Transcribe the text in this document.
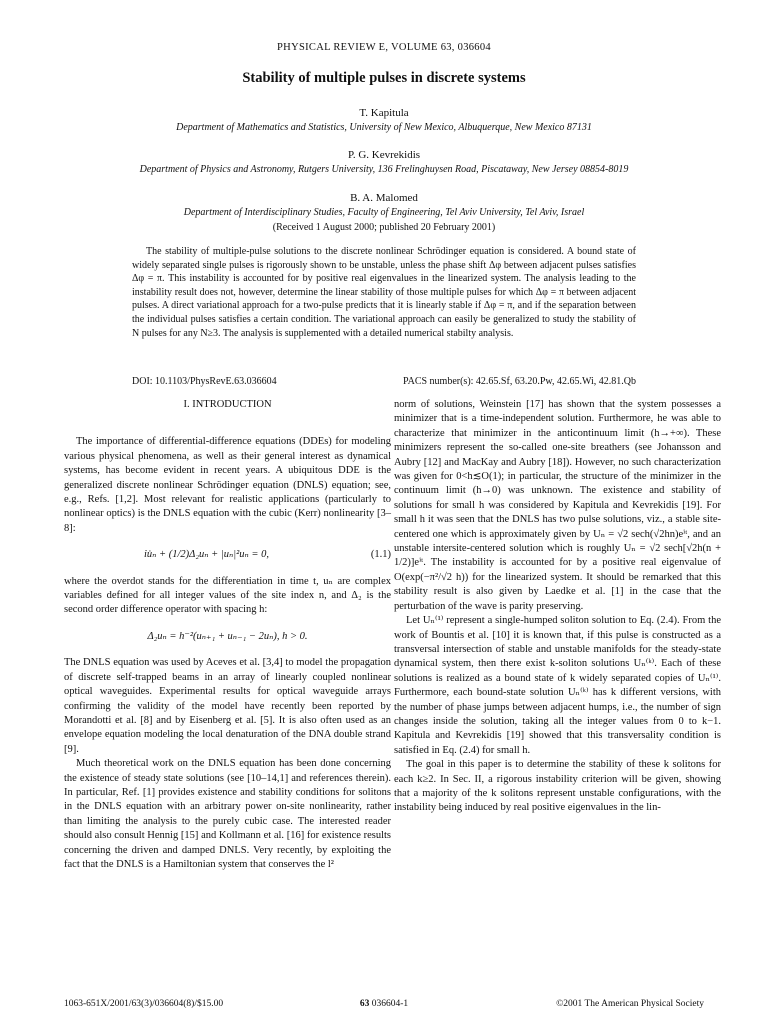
PHYSICAL REVIEW E, VOLUME 63, 036604
Stability of multiple pulses in discrete systems
T. Kapitula
Department of Mathematics and Statistics, University of New Mexico, Albuquerque, New Mexico 87131
P. G. Kevrekidis
Department of Physics and Astronomy, Rutgers University, 136 Frelinghuysen Road, Piscataway, New Jersey 08854-8019
B. A. Malomed
Department of Interdisciplinary Studies, Faculty of Engineering, Tel Aviv University, Tel Aviv, Israel
(Received 1 August 2000; published 20 February 2001)

The stability of multiple-pulse solutions to the discrete nonlinear Schrödinger equation is considered. A bound state of widely separated single pulses is rigorously shown to be unstable, unless the phase shift Δφ between adjacent pulses satisfies Δφ = π. This instability is accounted for by positive real eigenvalues in the linearized system. The analysis leading to the instability result does not, however, determine the linear stability of those multiple pulses for which Δφ = π between adjacent pulses. A direct variational approach for a two-pulse predicts that it is linearly stable if Δφ = π, and if the separation between the individual pulses satisfies a certain condition. The variational approach can easily be generalized to study the stability of N pulses for any N≥3. The analysis is supplemented with a detailed numerical stabilty analysis.

DOI: 10.1103/PhysRevE.63.036604	PACS number(s): 42.65.Sf, 63.20.Pw, 42.65.Wi, 42.81.Qb
I. INTRODUCTION

The importance of differential-difference equations (DDEs) for modeling various physical phenomena, as well as their general interest as dynamical systems, has become evident in recent years. A ubiquitous DDE is the generalized discrete nonlinear Schrödinger equation (DNLS) equation; see, e.g., Refs. [1,2]. Most relevant for realistic applications (particularly to nonlinear optics) is the DNLS equation with the cubic (Kerr) nonlinearity [3–8]:

iu̇ₙ + (1/2)Δ₂uₙ + |uₙ|²uₙ = 0,	(1.1)

where the overdot stands for the differentiation in time t, uₙ are complex variables defined for all integer values of the site index n, and Δ₂ is the second order difference operator with spacing h:

Δ₂uₙ = h⁻²(uₙ₊₁ + uₙ₋₁ − 2uₙ), h > 0.

The DNLS equation was used by Aceves et al. [3,4] to model the propagation of discrete self-trapped beams in an array of linearly coupled nonlinear optical waveguides. Experimental results for optical waveguide arrays confirming the validity of the model have recently been reported by Morandotti et al. [8] and by Eisenberg et al. [5]. It is also often used as an envelope equation modeling the local denaturation of the DNA double strand [9].

Much theoretical work on the DNLS equation has been done concerning the existence of steady state solutions (see [10–14,1] and references therein). In particular, Ref. [1] provides existence and stability conditions for solitons in the DNLS equation with an arbitrary power on-site nonlinearity, rather than limiting the analysis to the purely cubic case. The interested reader should also consult Hennig [15] and Kollmann et al. [16] for existence results concerning the driven and damped DNLS. Very recently, by exploiting the fact that the DNLS is a Hamiltonian system that conserves the l²

norm of solutions, Weinstein [17] has shown that the system possesses a minimizer that is a time-independent solution. Furthermore, he was able to characterize that minimizer in the anticontinuum limit (h→+∞). These minimizers represent the so-called one-site breathers (see Johansson and Aubry [12] and MacKay and Aubry [18]). However, no such characterization was given for 0<h≲O(1); in particular, the structure of the minimizer in the continuum limit (h→0) was unknown. The existence and stability of solutions for small h was considered by Kapitula and Kevrekidis [19]. For small h it was seen that the DNLS has two pulse solutions, viz., a stable site-centered one which is approximately given by Uₙ = √2 sech(√2hn)eⁱᵗ, and an unstable intersite-centered solution which is roughly Uₙ = √2 sech[√2h(n + 1/2)]eⁱᵗ. The instability is accounted for by a positive real eigenvalue of O(exp(−π²/√2 h)) for the linearized system. It should be remarked that this stability result is also given by Laedke et al. [1] in the case that the perturbation of the wave is parity preserving.

Let Uₙ⁽¹⁾ represent a single-humped soliton solution to Eq. (2.4). From the work of Bountis et al. [10] it is known that, if this pulse is constructed as a transversal intersection of stable and unstable manifolds for the steady-state dynamical system, then there exist k-soliton solutions Uₙ⁽ᵏ⁾. Each of these solutions is realized as a bound state of k widely separated copies of Uₙ⁽¹⁾. Furthermore, each bound-state solution Uₙ⁽ᵏ⁾ has k different versions, with the number of phase jumps between adjacent humps, i.e., the number of sign changes inside the solution, taking all the integer values from 0 to k−1. Kapitula and Kevrekidis [19] showed that this transversality condition is satisfied in Eq. (2.4) for small h.

The goal in this paper is to determine the stability of these k solitons for each k≥2. In Sec. II, a rigorous instability criterion will be given, showing that a majority of the k solitons represent unstable configurations, with the instability being induced by real positive eigenvalues in the lin-

1063-651X/2001/63(3)/036604(8)/$15.00	63 036604-1	©2001 The American Physical Society
